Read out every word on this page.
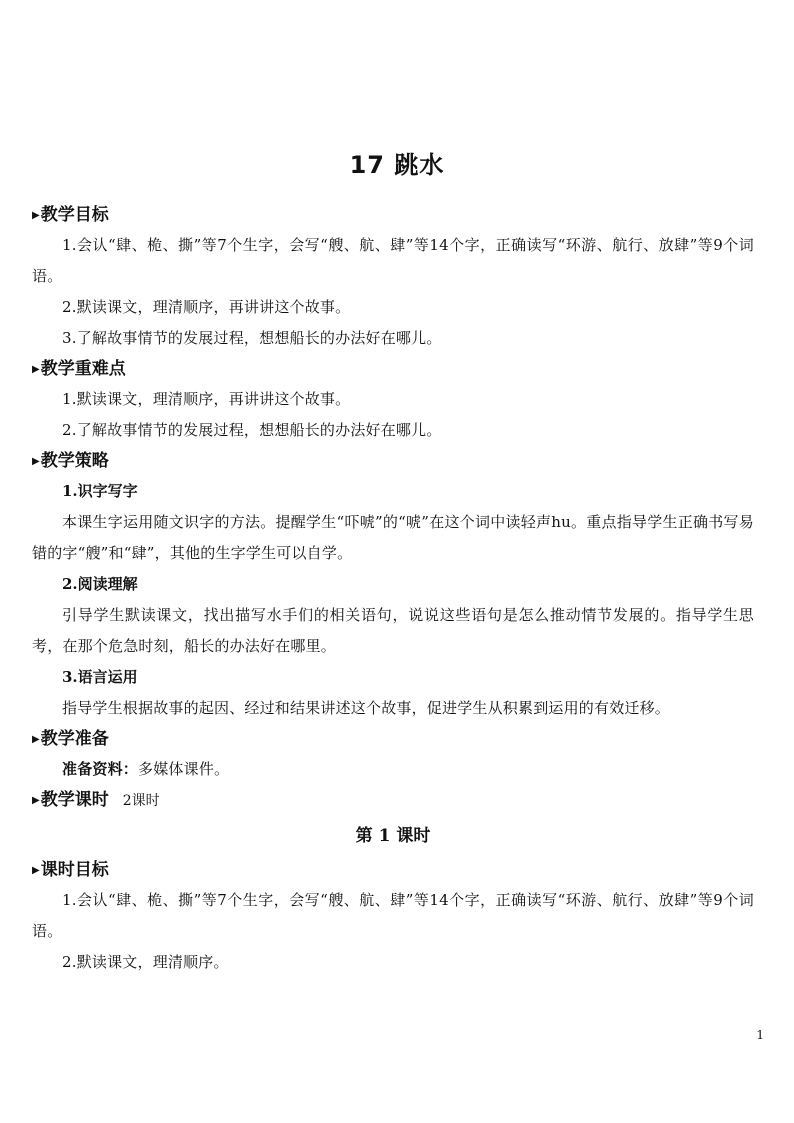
17 跳水
▶教学目标

1.会认“肆、桅、撕”等7个生字，会写“艘、航、肆”等14个字，正确读写“环游、航行、放肆”等9个词语。

2.默读课文，理清顺序，再讲讲这个故事。

3.了解故事情节的发展过程，想想船长的办法好在哪儿。

▶教学重难点

1.默读课文，理清顺序，再讲讲这个故事。

2.了解故事情节的发展过程，想想船长的办法好在哪儿。

▶教学策略

1.识字写字

本课生字运用随文识字的方法。提醒学生“吓唬”的“唬”在这个词中读轻声hu。重点指导学生正确书写易错的字“艘”和“肆”，其他的生字学生可以自学。

2.阅读理解

引导学生默读课文，找出描写水手们的相关语句，说说这些语句是怎么推动情节发展的。指导学生思考，在那个危急时刻，船长的办法好在哪里。

3.语言运用

指导学生根据故事的起因、经过和结果讲述这个故事，促进学生从积累到运用的有效迁移。

▶教学准备

准备资料：多媒体课件。

▶教学课时 2课时
第 1 课时
▶课时目标

1.会认“肆、桅、撕”等7个生字，会写“艘、航、肆”等14个字，正确读写“环游、航行、放肆”等9个词语。

2.默读课文，理清顺序。

1
